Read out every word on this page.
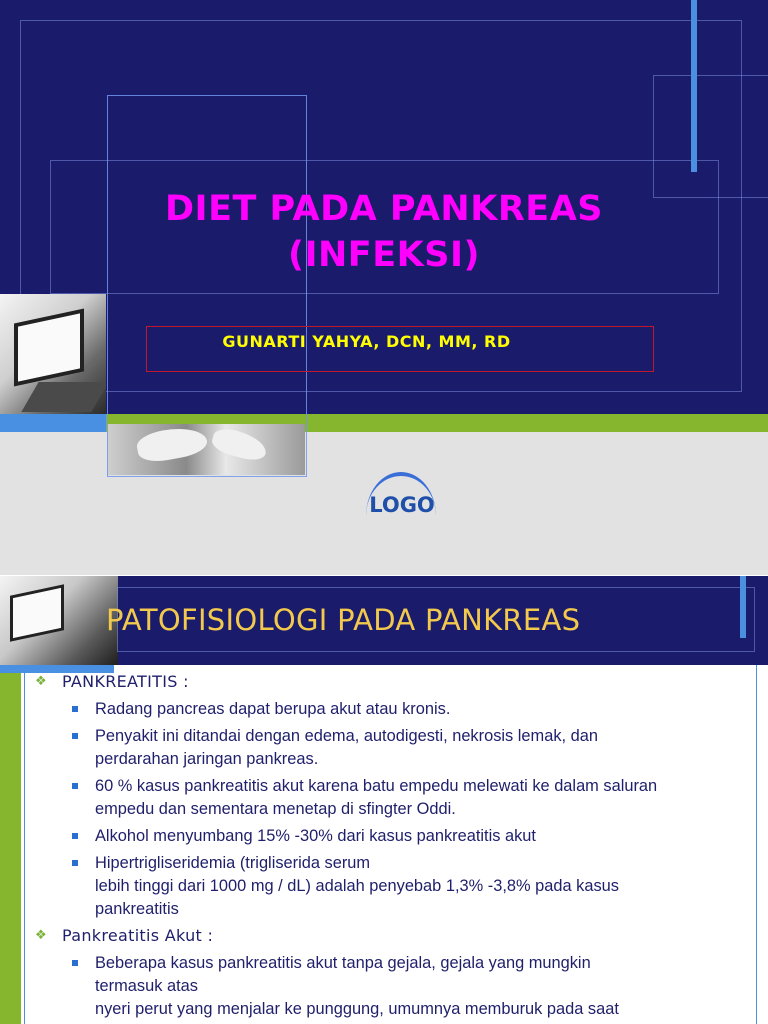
DIET PADA PANKREAS
(INFEKSI)
GUNARTI YAHYA, DCN, MM, RD
LOGO
PATOFISIOLOGI PADA PANKREAS
❖ PANKREATITIS :
Radang pancreas dapat berupa akut atau kronis.
Penyakit ini ditandai dengan edema, autodigesti, nekrosis lemak, dan
perdarahan jaringan pankreas.
60 % kasus pankreatitis akut karena batu empedu melewati ke dalam saluran
empedu dan sementara menetap di sfingter Oddi.
Alkohol menyumbang 15% -30% dari kasus pankreatitis akut
Hipertrigliseridemia (trigliserida serum
lebih tinggi dari 1000 mg / dL) adalah penyebab 1,3% -3,8% pada kasus
pankreatitis
❖ Pankreatitis Akut :
Beberapa kasus pankreatitis akut tanpa gejala, gejala yang mungkin
termasuk atas
nyeri perut yang menjalar ke punggung, umumnya memburuk pada saat
